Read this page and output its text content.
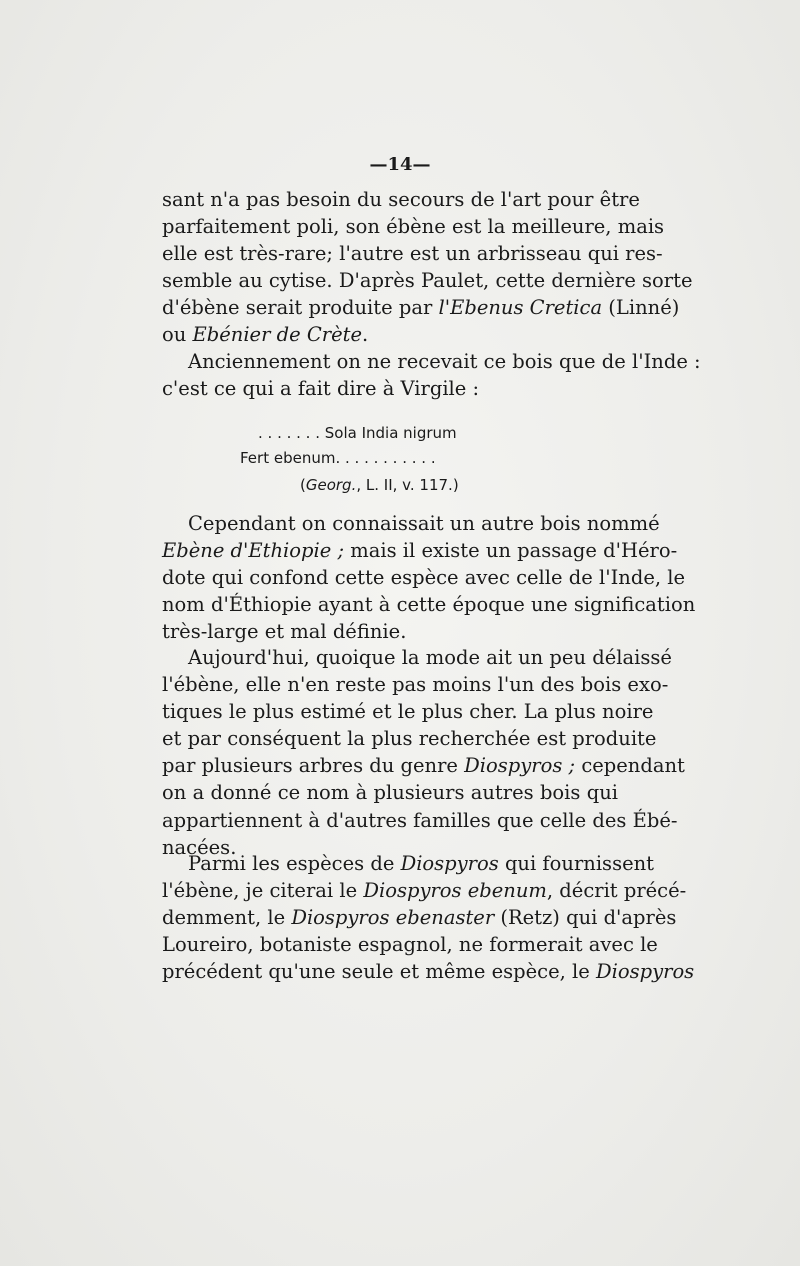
—14—
sant n'a pas besoin du secours de l'art pour être
parfaitement poli, son ébène est la meilleure, mais
elle est très-rare; l'autre est un arbrisseau qui res-
semble au cytise. D'après Paulet, cette dernière sorte
d'ébène serait produite par l'Ebenus Cretica (Linné)
ou Ebénier de Crète.
Anciennement on ne recevait ce bois que de l'Inde :
c'est ce qui a fait dire à Virgile :
. . . . . . . Sola India nigrum
Fert ebenum. . . . . . . . . . .
(Georg., L. II, v. 117.)
Cependant on connaissait un autre bois nommé
Ebène d'Ethiopie ; mais il existe un passage d'Héro-
dote qui confond cette espèce avec celle de l'Inde, le
nom d'Éthiopie ayant à cette époque une signification
très-large et mal définie.
Aujourd'hui, quoique la mode ait un peu délaissé
l'ébène, elle n'en reste pas moins l'un des bois exo-
tiques le plus estimé et le plus cher. La plus noire
et par conséquent la plus recherchée est produite
par plusieurs arbres du genre Diospyros ; cependant
on a donné ce nom à plusieurs autres bois qui
appartiennent à d'autres familles que celle des Ébé-
nacées.
Parmi les espèces de Diospyros qui fournissent
l'ébène, je citerai le Diospyros ebenum, décrit précé-
demment, le Diospyros ebenaster (Retz) qui d'après
Loureiro, botaniste espagnol, ne formerait avec le
précédent qu'une seule et même espèce, le Diospyros
